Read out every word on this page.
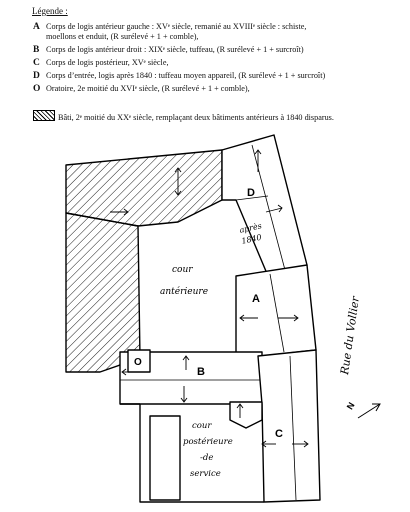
Légende :
A Corps de logis antérieur gauche : XVᵉ siècle, remanié au XVIIIᵉ siècle : schiste,
moellons et enduit, (R surélevé + 1 + comble),
B Corps de logis antérieur droit : XIXᵉ siècle, tuffeau, (R surélevé + 1 + surcroît)
C Corps de logis postérieur, XVᵉ siècle,
D Corps d’entrée, logis après 1840 : tuffeau moyen appareil, (R surélevé + 1 + surcroît)
O Oratoire, 2e moitié du XVIᵉ siècle, (R surélevé + 1 + comble),
Bâti, 2ᵉ moitié du XXᵉ siècle, remplaçant deux bâtiments antérieurs à 1840 disparus.
D
après
1840
A
B
O
C
cour
antérieure
cour
postérieure
-de
service
Rue du Vollier
N
